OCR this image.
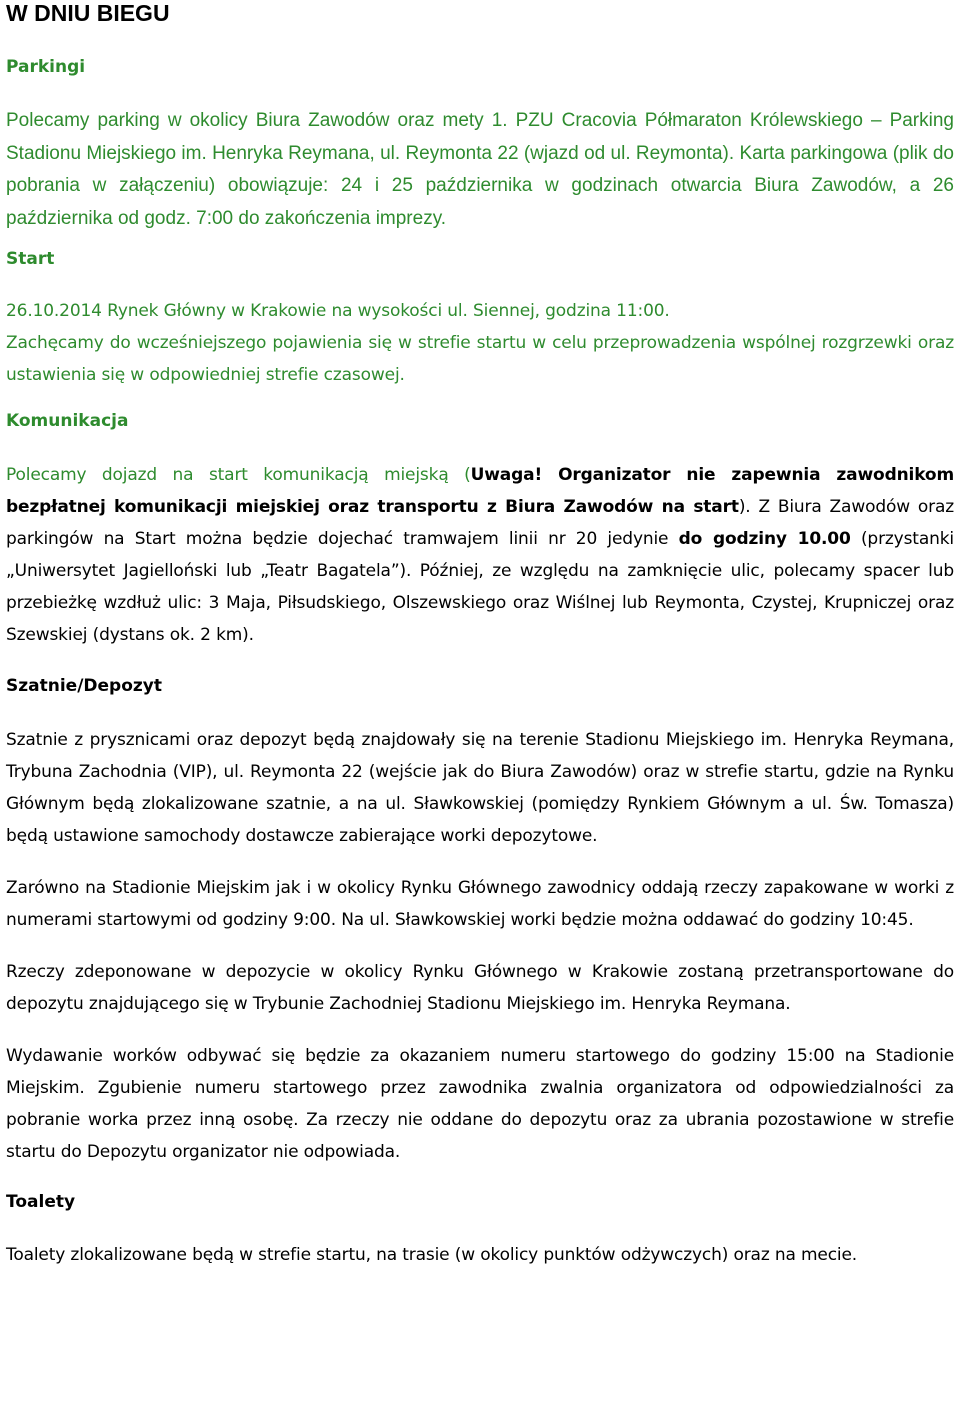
W DNIU BIEGU
Parkingi

Polecamy parking w okolicy Biura Zawodów oraz mety 1. PZU Cracovia Półmaraton Królewskiego – Parking Stadionu Miejskiego im. Henryka Reymana, ul. Reymonta 22 (wjazd od ul. Reymonta). Karta parkingowa (plik do pobrania w załączeniu) obowiązuje: 24 i 25 października w godzinach otwarcia Biura Zawodów, a 26 października od godz. 7:00 do zakończenia imprezy.

Start

26.10.2014 Rynek Główny w Krakowie na wysokości ul. Siennej, godzina 11:00.

Zachęcamy do wcześniejszego pojawienia się w strefie startu w celu przeprowadzenia wspólnej rozgrzewki oraz ustawienia się w odpowiedniej strefie czasowej.

Komunikacja

Polecamy dojazd na start komunikacją miejską (Uwaga! Organizator nie zapewnia zawodnikom bezpłatnej komunikacji miejskiej oraz transportu z Biura Zawodów na start). Z Biura Zawodów oraz parkingów na Start można będzie dojechać tramwajem linii nr 20 jedynie do godziny 10.00 (przystanki „Uniwersytet Jagielloński lub „Teatr Bagatela”). Później, ze względu na zamknięcie ulic, polecamy spacer lub przebieżkę wzdłuż ulic: 3 Maja, Piłsudskiego, Olszewskiego oraz Wiślnej lub Reymonta, Czystej, Krupniczej oraz Szewskiej (dystans ok. 2 km).

Szatnie/Depozyt

Szatnie z prysznicami oraz depozyt będą znajdowały się na terenie Stadionu Miejskiego im. Henryka Reymana, Trybuna Zachodnia (VIP), ul. Reymonta 22 (wejście jak do Biura Zawodów) oraz w strefie startu, gdzie na Rynku Głównym będą zlokalizowane szatnie, a na ul. Sławkowskiej (pomiędzy Rynkiem Głównym a ul. Św. Tomasza) będą ustawione samochody dostawcze zabierające worki depozytowe.

Zarówno na Stadionie Miejskim jak i w okolicy Rynku Głównego zawodnicy oddają rzeczy zapakowane w worki z numerami startowymi od godziny 9:00. Na ul. Sławkowskiej worki będzie można oddawać do godziny 10:45.

Rzeczy zdeponowane w depozycie w okolicy Rynku Głównego w Krakowie zostaną przetransportowane do depozytu znajdującego się w Trybunie Zachodniej Stadionu Miejskiego im. Henryka Reymana.

Wydawanie worków odbywać się będzie za okazaniem numeru startowego do godziny 15:00 na Stadionie Miejskim. Zgubienie numeru startowego przez zawodnika zwalnia organizatora od odpowiedzialności za pobranie worka przez inną osobę. Za rzeczy nie oddane do depozytu oraz za ubrania pozostawione w strefie startu do Depozytu organizator nie odpowiada.

Toalety

Toalety zlokalizowane będą w strefie startu, na trasie (w okolicy punktów odżywczych) oraz na mecie.
